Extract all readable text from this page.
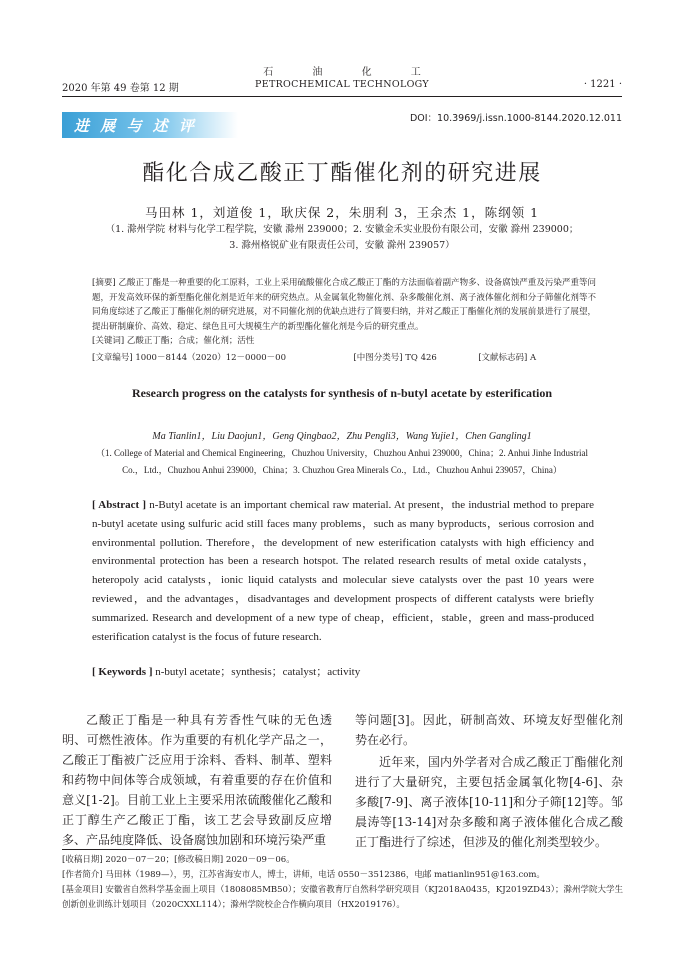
2020 年第 49 卷第 12 期
石 油 化 工
PETROCHEMICAL TECHNOLOGY	· 1221 ·
进 展 与 述 评	DOI：10.3969/j.issn.1000-8144.2020.12.011
酯化合成乙酸正丁酯催化剂的研究进展
马田林 1，刘道俊 1，耿庆保 2，朱朋利 3，王余杰 1，陈纲领 1
（1. 滁州学院 材料与化学工程学院，安徽 滁州 239000；2. 安徽金禾实业股份有限公司，安徽 滁州 239000；
3. 滁州格锐矿业有限责任公司，安徽 滁州 239057）
[摘要] 乙酸正丁酯是一种重要的化工原料，工业上采用硫酸催化合成乙酸正丁酯的方法面临着副产物多、设备腐蚀严重及污染严重等问题，开发高效环保的新型酯化催化剂是近年来的研究热点。从金属氧化物催化剂、杂多酸催化剂、离子液体催化剂和分子筛催化剂等不同角度综述了乙酸正丁酯催化剂的研究进展，对不同催化剂的优缺点进行了简要归纳，并对乙酸正丁酯催化剂的发展前景进行了展望，提出研制廉价、高效、稳定、绿色且可大规模生产的新型酯化催化剂是今后的研究重点。
[关键词] 乙酸正丁酯；合成；催化剂；活性
[文章编号] 1000－8144（2020）12－0000－00	[中图分类号] TQ 426	[文献标志码] A
Research progress on the catalysts for synthesis of n-butyl acetate by esterification
Ma Tianlin1，Liu Daojun1，Geng Qingbao2，Zhu Pengli3，Wang Yujie1，Chen Gangling1
（1. College of Material and Chemical Engineering，Chuzhou University，Chuzhou Anhui 239000，China；2. Anhui Jinhe Industrial
Co.，Ltd.，Chuzhou Anhui 239000，China；3. Chuzhou Grea Minerals Co.，Ltd.，Chuzhou Anhui 239057，China）
[ Abstract ] n-Butyl acetate is an important chemical raw material. At present，the industrial method to prepare n-butyl acetate using sulfuric acid still faces many problems，such as many byproducts，serious corrosion and environmental pollution. Therefore，the development of new esterification catalysts with high efficiency and environmental protection has been a research hotspot. The related research results of metal oxide catalysts，heteropoly acid catalysts，ionic liquid catalysts and molecular sieve catalysts over the past 10 years were reviewed，and the advantages，disadvantages and development prospects of different catalysts were briefly summarized. Research and development of a new type of cheap，efficient，stable，green and mass-produced esterification catalyst is the focus of future research.
[ Keywords ] n-butyl acetate；synthesis；catalyst；activity
乙酸正丁酯是一种具有芳香性气味的无色透明、可燃性液体。作为重要的有机化学产品之一，乙酸正丁酯被广泛应用于涂料、香料、制革、塑料和药物中间体等合成领域，有着重要的存在价值和意义[1-2]。目前工业上主要采用浓硫酸催化乙酸和正丁醇生产乙酸正丁酯，该工艺会导致副反应增多、产品纯度降低、设备腐蚀加剧和环境污染严重
等问题[3]。因此，研制高效、环境友好型催化剂势在必行。
近年来，国内外学者对合成乙酸正丁酯催化剂进行了大量研究，主要包括金属氧化物[4-6]、杂多酸[7-9]、离子液体[10-11]和分子筛[12]等。邹晨涛等[13-14]对杂多酸和离子液体催化合成乙酸正丁酯进行了综述，但涉及的催化剂类型较少。
[收稿日期] 2020－07－20；[修改稿日期] 2020－09－06。
[作者简介] 马田林（1989—），男，江苏省海安市人，博士，讲师，电话 0550－3512386，电邮 matianlin951@163.com。
[基金项目] 安徽省自然科学基金面上项目（1808085MB50）；安徽省教育厅自然科学研究项目（KJ2018A0435，KJ2019ZD43）；滁州学院大学生创新创业训练计划项目（2020CXXL114）；滁州学院校企合作横向项目（HX2019176）。
